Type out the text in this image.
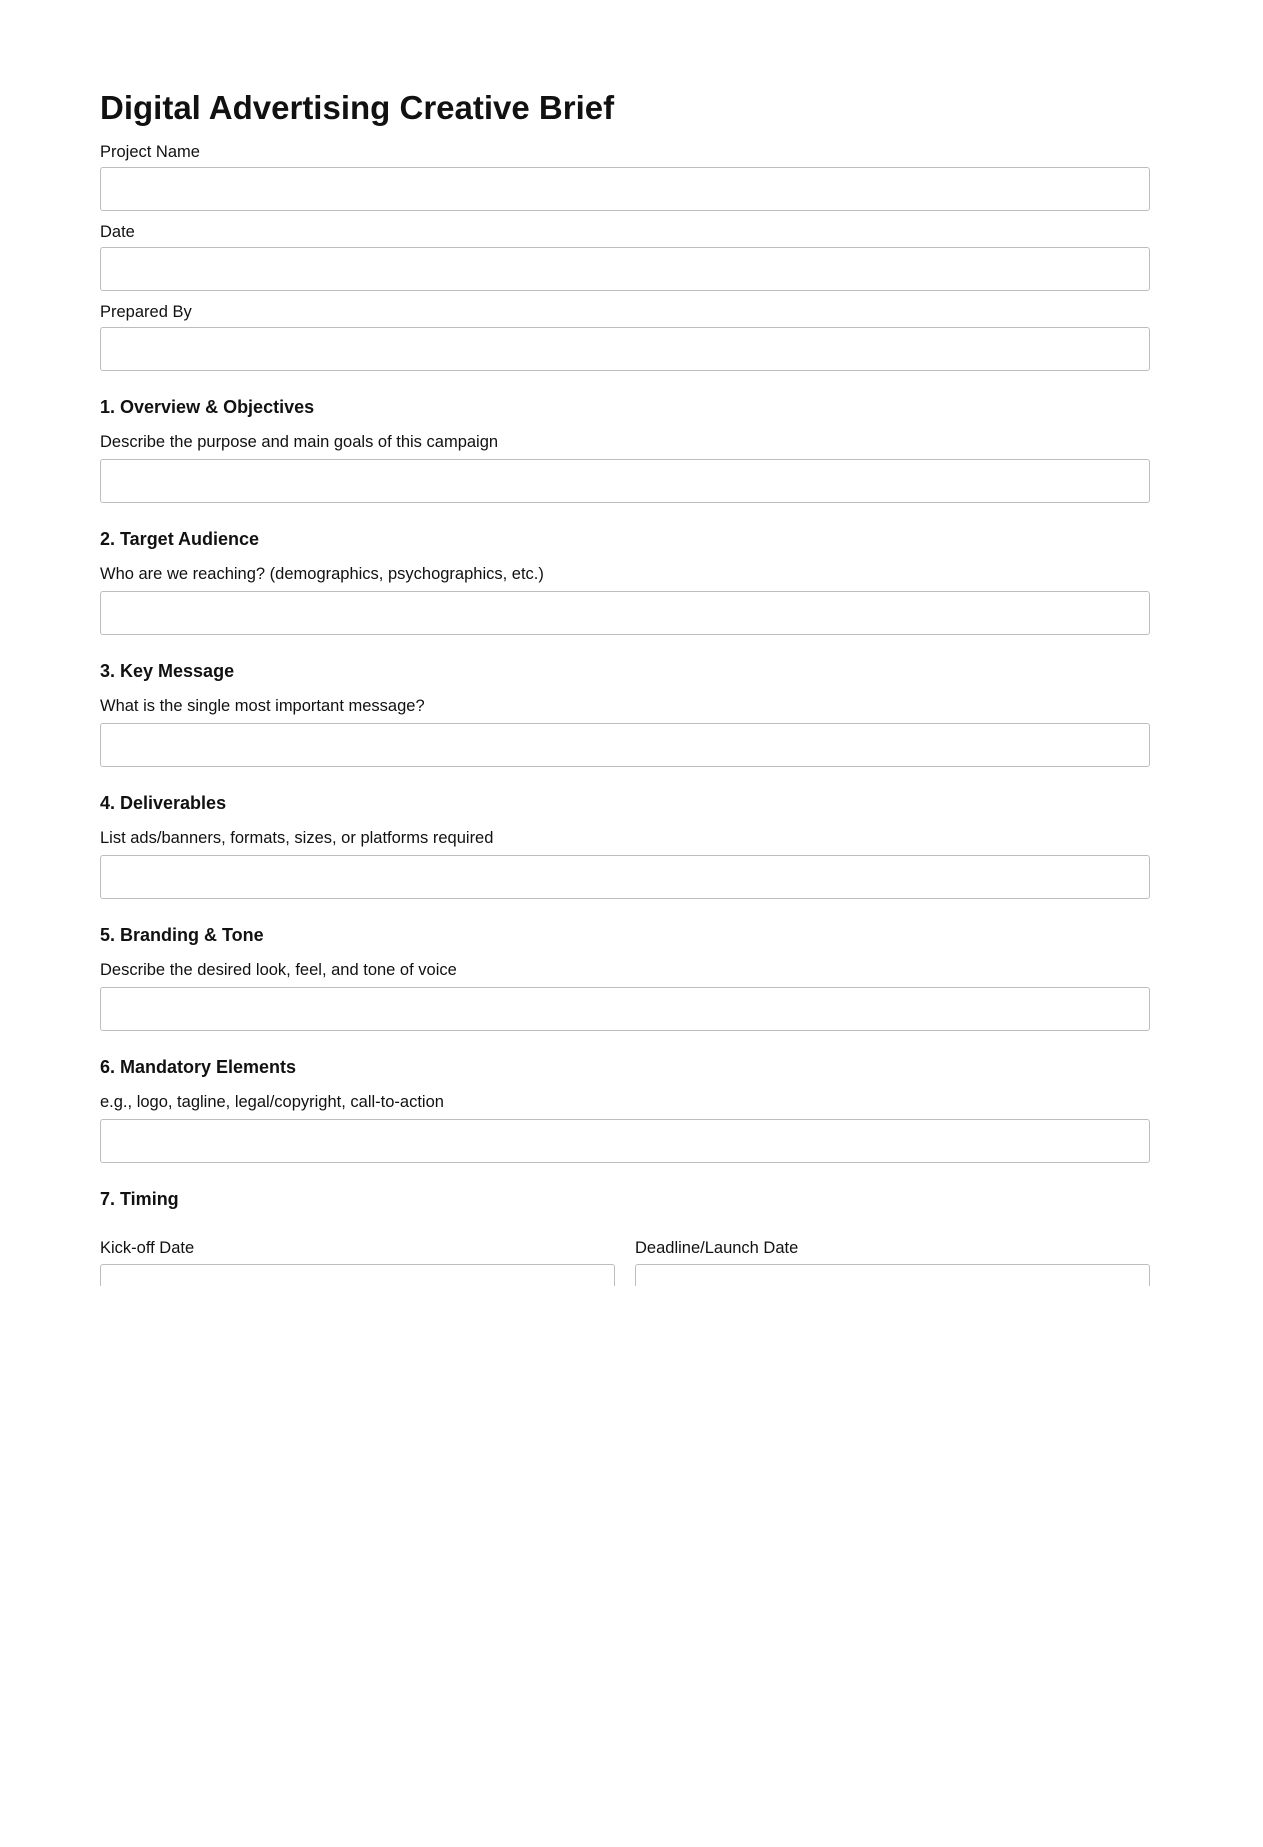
Digital Advertising Creative Brief
Project Name
Date
Prepared By
1. Overview & Objectives
Describe the purpose and main goals of this campaign
2. Target Audience
Who are we reaching? (demographics, psychographics, etc.)
3. Key Message
What is the single most important message?
4. Deliverables
List ads/banners, formats, sizes, or platforms required
5. Branding & Tone
Describe the desired look, feel, and tone of voice
6. Mandatory Elements
e.g., logo, tagline, legal/copyright, call-to-action
7. Timing
Kick-off Date	Deadline/Launch Date
